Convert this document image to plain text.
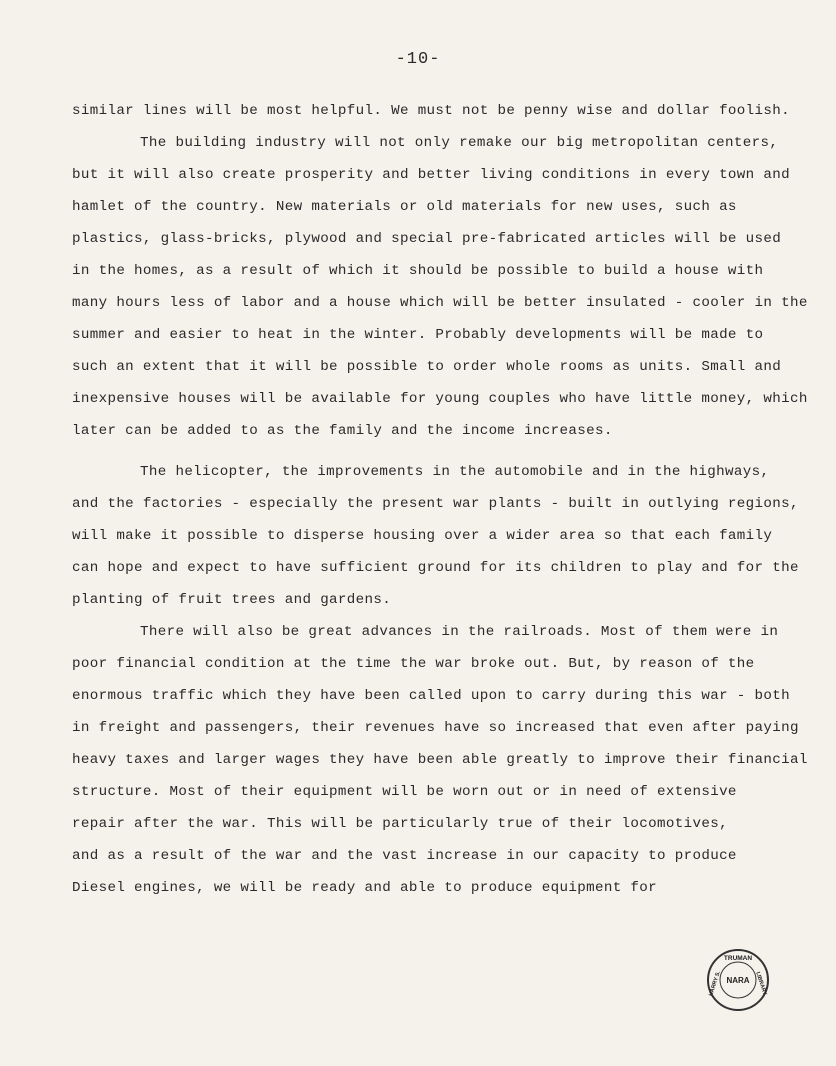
-10-
similar lines will be most helpful. We must not be penny wise and dollar foolish.
The building industry will not only remake our big metropolitan centers,
but it will also create prosperity and better living conditions in every town and
hamlet of the country. New materials or old materials for new uses, such as
plastics, glass-bricks, plywood and special pre-fabricated articles will be used
in the homes, as a result of which it should be possible to build a house with
many hours less of labor and a house which will be better insulated - cooler in the
summer and easier to heat in the winter. Probably developments will be made to
such an extent that it will be possible to order whole rooms as units. Small and
inexpensive houses will be available for young couples who have little money, which
later can be added to as the family and the income increases.
The helicopter, the improvements in the automobile and in the highways,
and the factories - especially the present war plants - built in outlying regions,
will make it possible to disperse housing over a wider area so that each family
can hope and expect to have sufficient ground for its children to play and for the
planting of fruit trees and gardens.
There will also be great advances in the railroads. Most of them were in
poor financial condition at the time the war broke out. But, by reason of the
enormous traffic which they have been called upon to carry during this war - both
in freight and passengers, their revenues have so increased that even after paying
heavy taxes and larger wages they have been able greatly to improve their financial
structure. Most of their equipment will be worn out or in need of extensive
repair after the war. This will be particularly true of their locomotives,
and as a result of the war and the vast increase in our capacity to produce
Diesel engines, we will be ready and able to produce equipment for
NARA
TRUMAN
HARRY S.	LIBRARY
